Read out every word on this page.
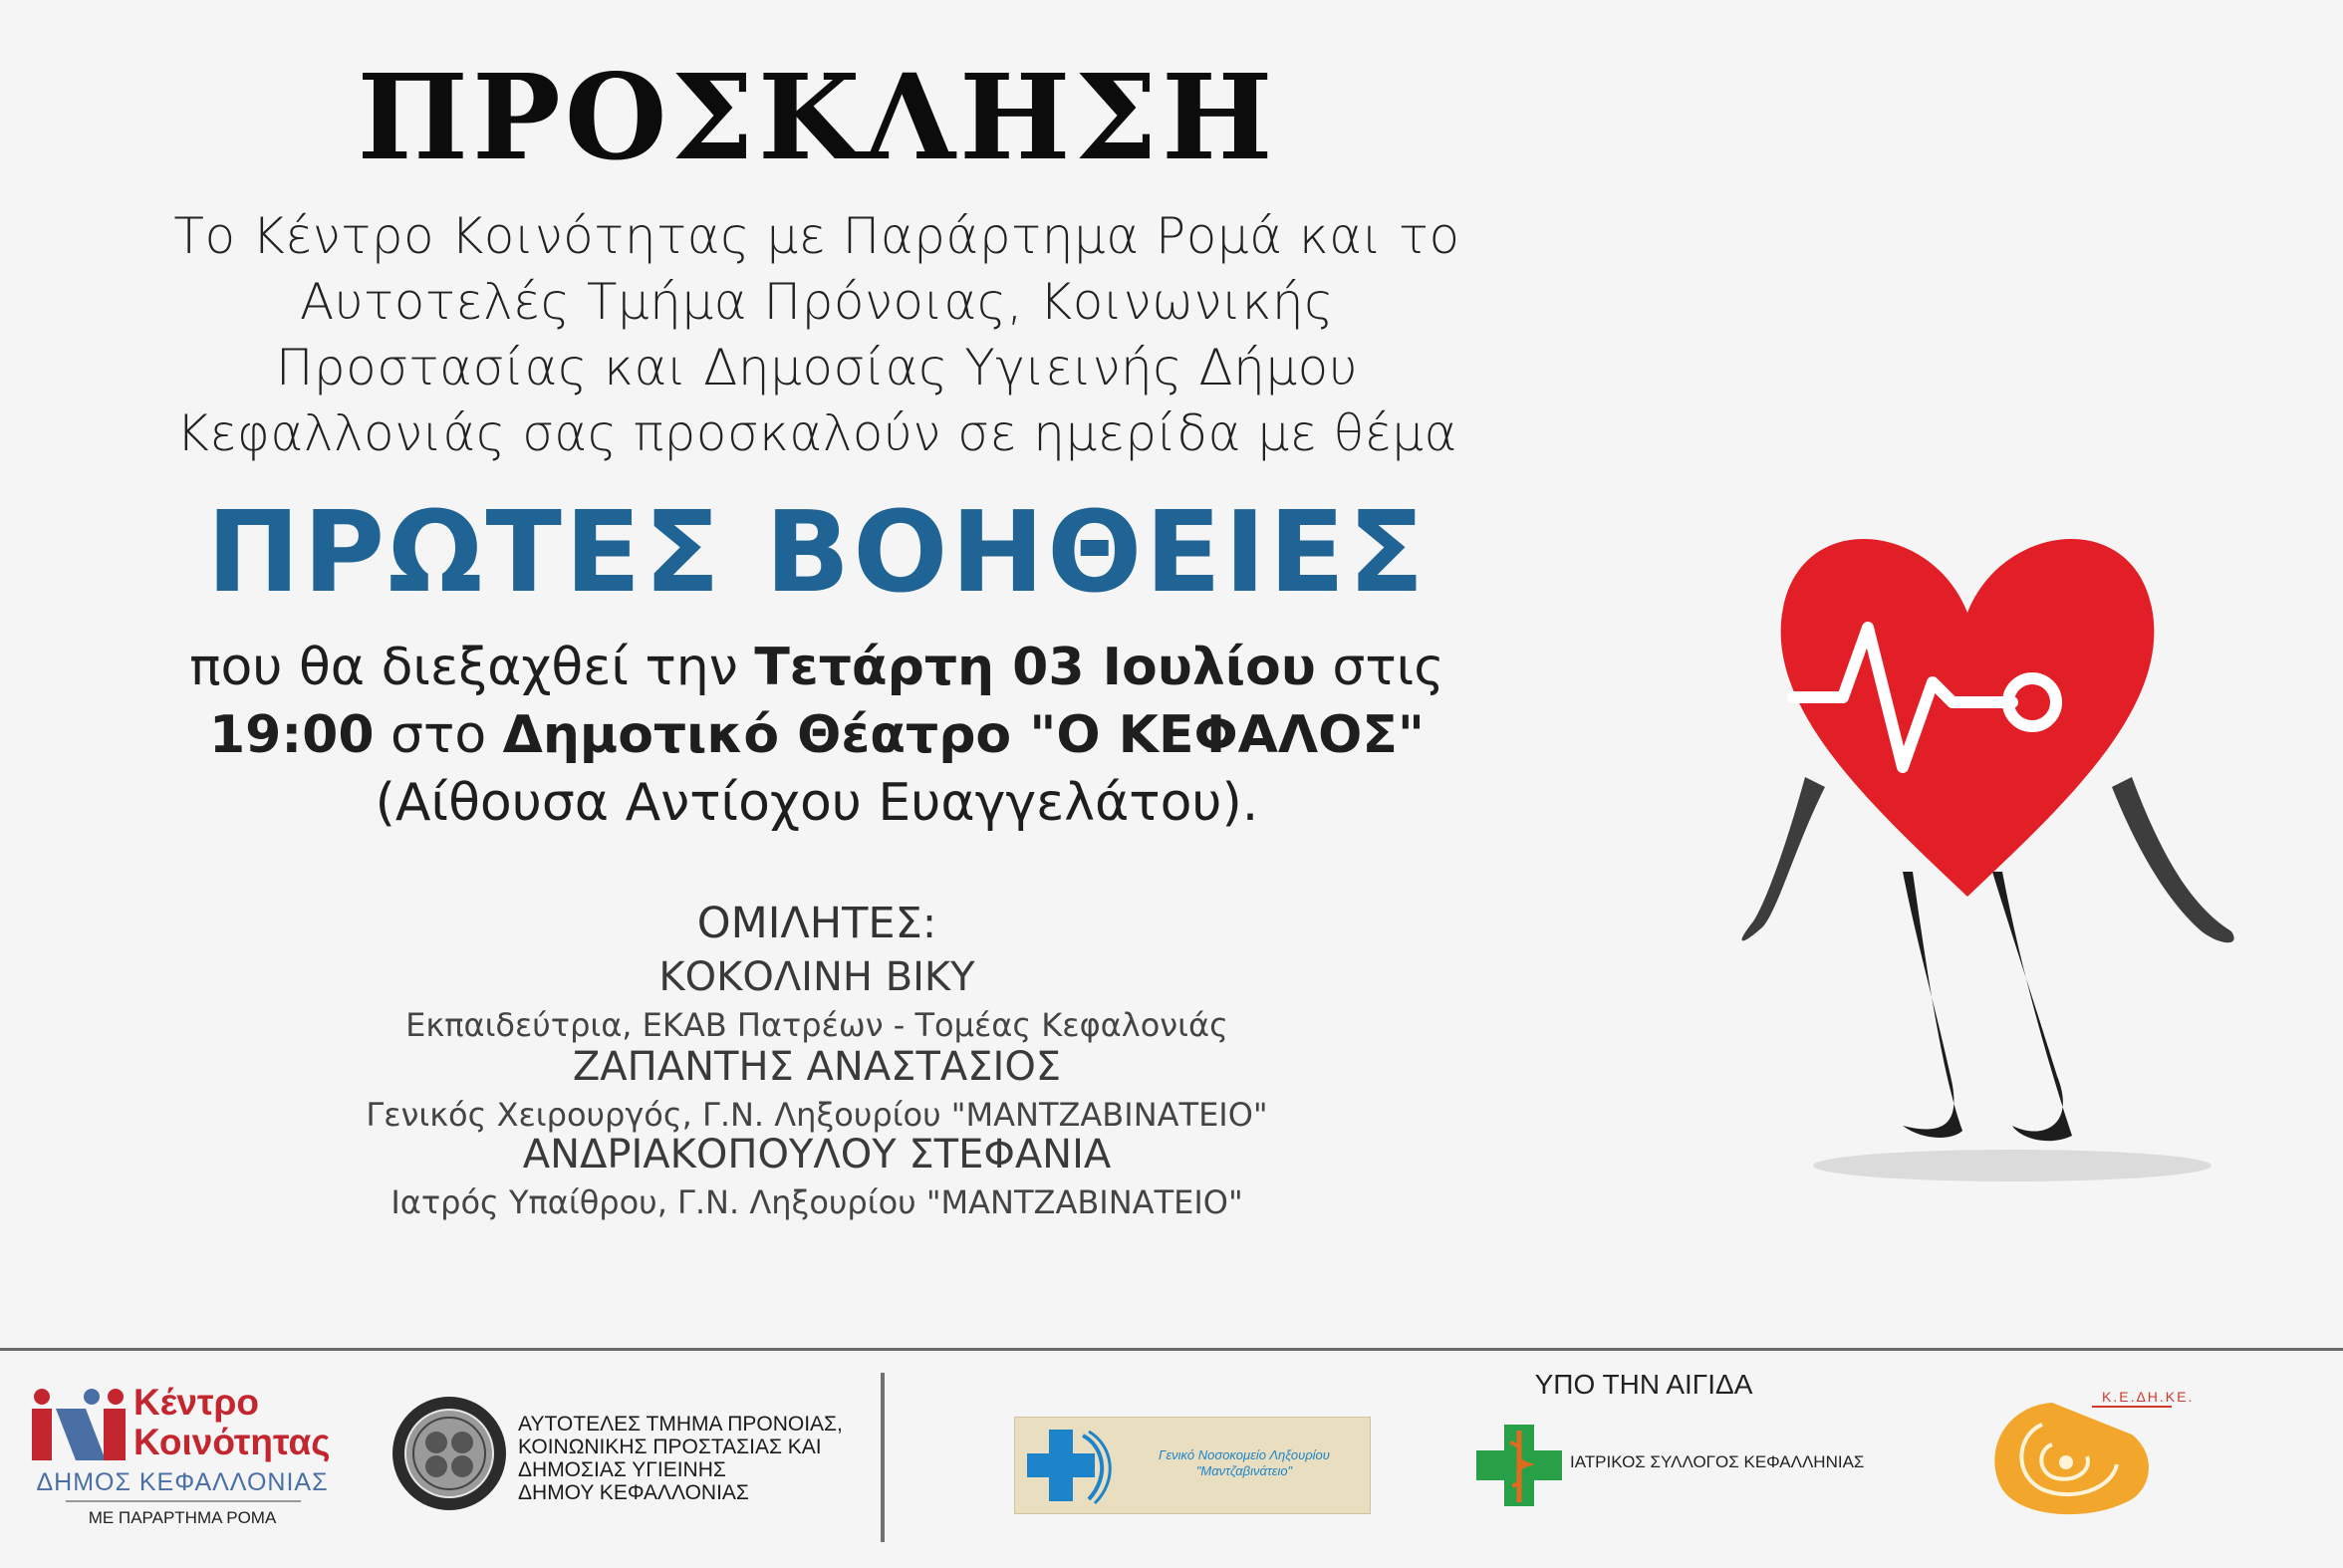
ΠΡΟΣΚΛΗΣΗ
Το Κέντρο Κοινότητας με Παράρτημα Ρομά και το
Αυτοτελές Τμήμα Πρόνοιας, Κοινωνικής
Προστασίας και Δημοσίας Υγιεινής Δήμου
Κεφαλλονιάς σας προσκαλούν σε ημερίδα με θέμα
ΠΡΩΤΕΣ ΒΟΗΘΕΙΕΣ
που θα διεξαχθεί την Τετάρτη 03 Ιουλίου στις
19:00 στο Δημοτικό Θέατρο "Ο ΚΕΦΑΛΟΣ"
(Αίθουσα Αντίοχου Ευαγγελάτου).
ΟΜΙΛΗΤΕΣ:
ΚΟΚΟΛΙΝΗ ΒΙΚΥ
Εκπαιδεύτρια, ΕΚΑΒ Πατρέων - Τομέας Κεφαλονιάς
ΖΑΠΑΝΤΗΣ ΑΝΑΣΤΑΣΙΟΣ
Γενικός Χειρουργός, Γ.Ν. Ληξουρίου "ΜΑΝΤΖΑΒΙΝΑΤΕΙΟ"
ΑΝΔΡΙΑΚΟΠΟΥΛΟΥ ΣΤΕΦΑΝΙΑ
Ιατρός Υπαίθρου, Γ.Ν. Ληξουρίου "ΜΑΝΤΖΑΒΙΝΑΤΕΙΟ"
Κέντρο
Κοινότητας
ΔΗΜΟΣ ΚΕΦΑΛΛΟΝΙΑΣ
ΜΕ ΠΑΡΑΡΤΗΜΑ ΡΟΜΑ
ΑΥΤΟΤΕΛΕΣ ΤΜΗΜΑ ΠΡΟΝΟΙΑΣ,
ΚΟΙΝΩΝΙΚΗΣ ΠΡΟΣΤΑΣΙΑΣ ΚΑΙ
ΔΗΜΟΣΙΑΣ ΥΓΙΕΙΝΗΣ
ΔΗΜΟΥ ΚΕΦΑΛΛΟΝΙΑΣ
Γενικό Νοσοκομείο Ληξουρίου
"Μαντζαβινάτειο"
ΥΠΟ ΤΗΝ ΑΙΓΙΔΑ
ΙΑΤΡΙΚΟΣ ΣΥΛΛΟΓΟΣ ΚΕΦΑΛΛΗΝΙΑΣ
Κ.Ε.ΔΗ.ΚΕ.
